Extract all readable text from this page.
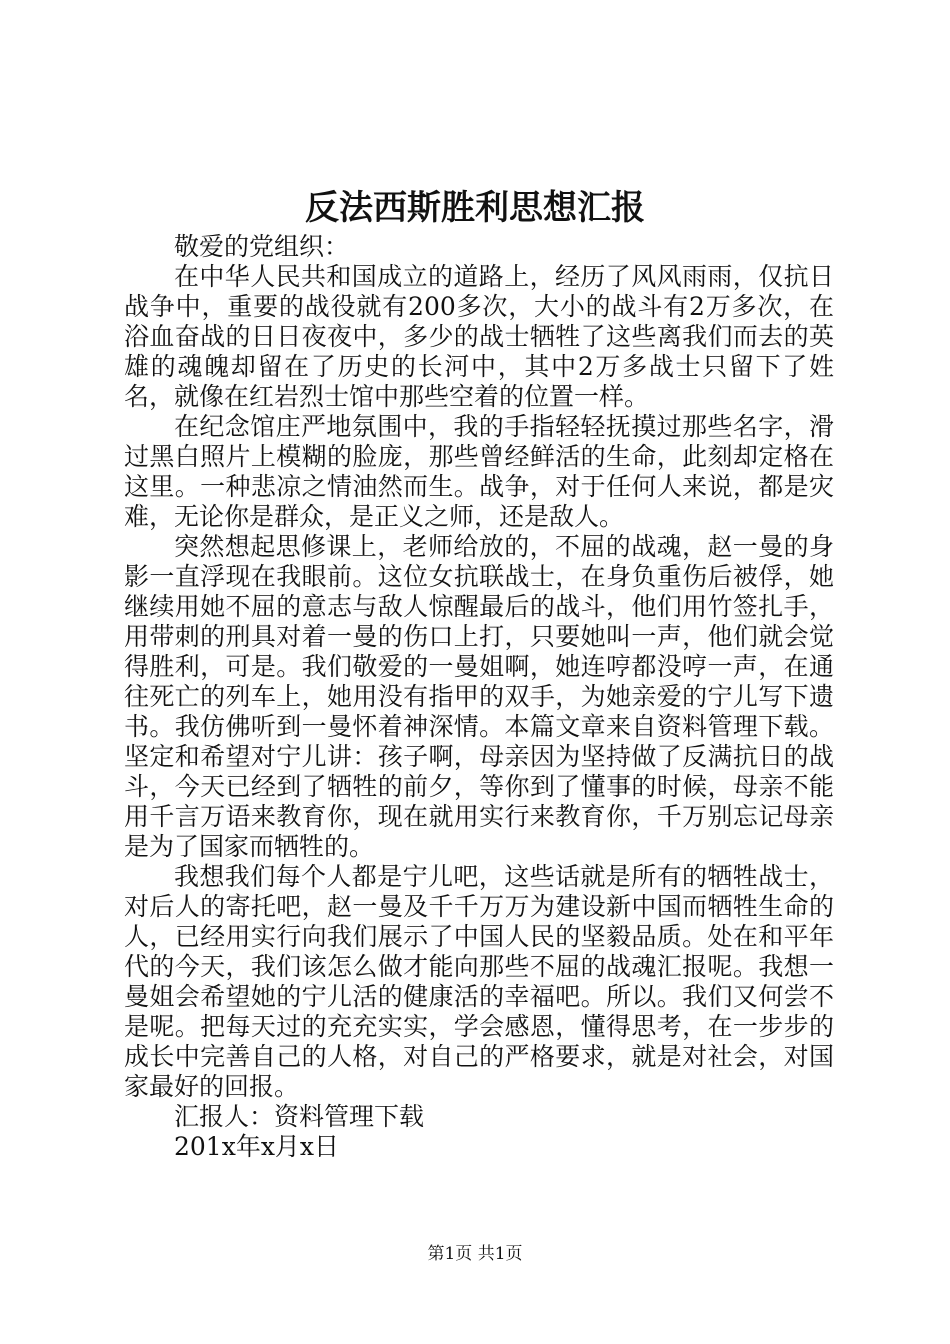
反法西斯胜利思想汇报

敬爱的党组织：

在中华人民共和国成立的道路上，经历了风风雨雨，仅抗日战争中，重要的战役就有200多次，大小的战斗有2万多次，在浴血奋战的日日夜夜中，多少的战士牺牲了这些离我们而去的英雄的魂魄却留在了历史的长河中，其中2万多战士只留下了姓名，就像在红岩烈士馆中那些空着的位置一样。

在纪念馆庄严地氛围中，我的手指轻轻抚摸过那些名字，滑过黑白照片上模糊的脸庞，那些曾经鲜活的生命，此刻却定格在这里。一种悲凉之情油然而生。战争，对于任何人来说，都是灾难，无论你是群众，是正义之师，还是敌人。

突然想起思修课上，老师给放的，不屈的战魂，赵一曼的身影一直浮现在我眼前。这位女抗联战士，在身负重伤后被俘，她继续用她不屈的意志与敌人惊醒最后的战斗，他们用竹签扎手，用带刺的刑具对着一曼的伤口上打，只要她叫一声，他们就会觉得胜利，可是。我们敬爱的一曼姐啊，她连哼都没哼一声，在通往死亡的列车上，她用没有指甲的双手，为她亲爱的宁儿写下遗书。我仿佛听到一曼怀着神深情。本篇文章来自资料管理下载。坚定和希望对宁儿讲：孩子啊，母亲因为坚持做了反满抗日的战斗，今天已经到了牺牲的前夕，等你到了懂事的时候，母亲不能用千言万语来教育你，现在就用实行来教育你，千万别忘记母亲是为了国家而牺牲的。

我想我们每个人都是宁儿吧，这些话就是所有的牺牲战士，对后人的寄托吧，赵一曼及千千万万为建设新中国而牺牲生命的人，已经用实行向我们展示了中国人民的坚毅品质。处在和平年代的今天，我们该怎么做才能向那些不屈的战魂汇报呢。我想一曼姐会希望她的宁儿活的健康活的幸福吧。所以。我们又何尝不是呢。把每天过的充充实实，学会感恩，懂得思考，在一步步的成长中完善自己的人格，对自己的严格要求，就是对社会，对国家最好的回报。

汇报人：资料管理下载

201x年x月x日

第1页 共1页
